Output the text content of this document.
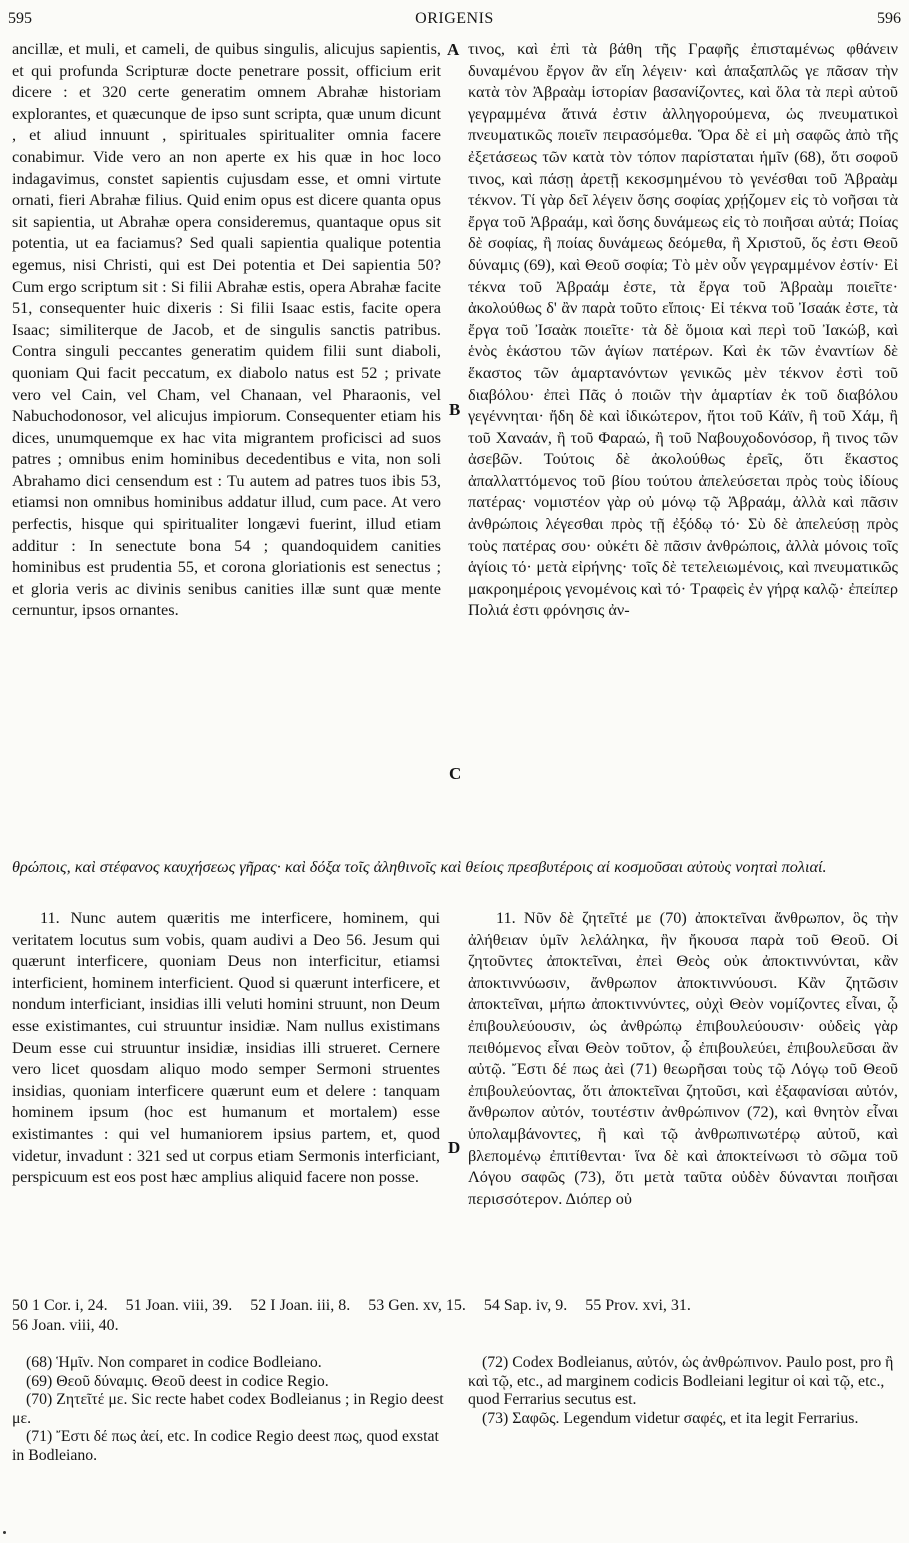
595	ORIGENIS	596

ancillæ, et muli, et cameli, de quibus singulis, alicujus sapientis, et qui profunda Scripturæ docte penetrare possit, officium erit dicere : et 320 certe generatim omnem Abrahæ historiam explorantes, et quæcunque de ipso sunt scripta, quæ unum dicunt , et aliud innuunt , spirituales spiritualiter omnia facere conabimur. Vide vero an non aperte ex his quæ in hoc loco indagavimus, constet sapientis cujusdam esse, et omni virtute ornati, fieri Abrahæ filius. Quid enim opus est dicere quanta opus sit sapientia, ut Abrahæ opera consideremus, quantaque opus sit potentia, ut ea faciamus? Sed quali sapientia qualique potentia egemus, nisi Christi, qui est Dei potentia et Dei sapientia 50? Cum ergo scriptum sit : Si filii Abrahæ estis, opera Abrahæ facite 51, consequenter huic dixeris : Si filii Isaac estis, facite opera Isaac; similiterque de Jacob, et de singulis sanctis patribus. Contra singuli peccantes generatim quidem filii sunt diaboli, quoniam Qui facit peccatum, ex diabolo natus est 52 ; private vero vel Cain, vel Cham, vel Chanaan, vel Pharaonis, vel Nabuchodonosor, vel alicujus impiorum. Consequenter etiam his dices, unumquemque ex hac vita migrantem proficisci ad suos patres ; omnibus enim hominibus decedentibus e vita, non soli Abrahamo dici censendum est : Tu autem ad patres tuos ibis 53, etiamsi non omnibus hominibus addatur illud, cum pace. At vero perfectis, hisque qui spiritualiter longævi fuerint, illud etiam additur : In senectute bona 54 ; quandoquidem canities hominibus est prudentia 55, et corona gloriationis est senectus ; et gloria veris ac divinis senibus canities illæ sunt quæ mente cernuntur, ipsos ornantes.

A
B
C
D

τινος, καὶ ἐπὶ τὰ βάθη τῆς Γραφῆς ἐπισταμένως φθάνειν δυναμένου ἔργον ἂν εἴη λέγειν· καὶ ἁπαξαπλῶς γε πᾶσαν τὴν κατὰ τὸν Ἀβραὰμ ἱστορίαν βασανίζοντες, καὶ ὅλα τὰ περὶ αὐτοῦ γεγραμμένα ἅτινά ἐστιν ἀλληγορούμενα, ὡς πνευματικοὶ πνευματικῶς ποιεῖν πειρασόμεθα. Ὅρα δὲ εἰ μὴ σαφῶς ἀπὸ τῆς ἐξετάσεως τῶν κατὰ τὸν τόπον παρίσταται ἡμῖν (68), ὅτι σοφοῦ τινος, καὶ πάσῃ ἀρετῇ κεκοσμημένου τὸ γενέσθαι τοῦ Ἀβραὰμ τέκνον. Τί γὰρ δεῖ λέγειν ὅσης σοφίας χρῄζομεν εἰς τὸ νοῆσαι τὰ ἔργα τοῦ Ἀβραάμ, καὶ ὅσης δυνάμεως εἰς τὸ ποιῆσαι αὐτά; Ποίας δὲ σοφίας, ἢ ποίας δυνάμεως δεόμεθα, ἢ Χριστοῦ, ὅς ἐστι Θεοῦ δύναμις (69), καὶ Θεοῦ σοφία; Τὸ μὲν οὖν γεγραμμένον ἐστίν· Εἰ τέκνα τοῦ Ἀβραάμ ἐστε, τὰ ἔργα τοῦ Ἀβραὰμ ποιεῖτε· ἀκολούθως δ' ἂν παρὰ τοῦτο εἴποις· Εἰ τέκνα τοῦ Ἰσαάκ ἐστε, τὰ ἔργα τοῦ Ἰσαὰκ ποιεῖτε· τὰ δὲ ὅμοια καὶ περὶ τοῦ Ἰακώβ, καὶ ἑνὸς ἑκάστου τῶν ἁγίων πατέρων. Καὶ ἐκ τῶν ἐναντίων δὲ ἕκαστος τῶν ἁμαρτανόντων γενικῶς μὲν τέκνον ἐστὶ τοῦ διαβόλου· ἐπεὶ Πᾶς ὁ ποιῶν τὴν ἁμαρτίαν ἐκ τοῦ διαβόλου γεγέννηται· ἤδη δὲ καὶ ἰδικώτερον, ἤτοι τοῦ Κάϊν, ἢ τοῦ Χάμ, ἢ τοῦ Χαναάν, ἢ τοῦ Φαραώ, ἢ τοῦ Ναβουχοδονόσορ, ἢ τινος τῶν ἀσεβῶν. Τούτοις δὲ ἀκολούθως ἐρεῖς, ὅτι ἕκαστος ἀπαλλαττόμενος τοῦ βίου τούτου ἀπελεύσεται πρὸς τοὺς ἰδίους πατέρας· νομιστέον γὰρ οὐ μόνῳ τῷ Ἀβραάμ, ἀλλὰ καὶ πᾶσιν ἀνθρώποις λέγεσθαι πρὸς τῇ ἐξόδῳ τό· Σὺ δὲ ἀπελεύσῃ πρὸς τοὺς πατέρας σου· οὐκέτι δὲ πᾶσιν ἀνθρώποις, ἀλλὰ μόνοις τοῖς ἁγίοις τό· μετὰ εἰρήνης· τοῖς δὲ τετελειωμένοις, καὶ πνευματικῶς μακροημέροις γενομένοις καὶ τό· Τραφεὶς ἐν γήρᾳ καλῷ· ἐπείπερ Πολιά ἐστι φρόνησις ἀν-

θρώποις, καὶ στέφανος καυχήσεως γῆρας· καὶ δόξα τοῖς ἀληθινοῖς καὶ θείοις πρεσβυτέροις αἱ κοσμοῦσαι αὐτοὺς νοηταὶ πολιαί.

11. Nunc autem quæritis me interficere, hominem, qui veritatem locutus sum vobis, quam audivi a Deo 56. Jesum qui quærunt interficere, quoniam Deus non interficitur, etiamsi interficient, hominem interficient. Quod si quærunt interficere, et nondum interficiant, insidias illi veluti homini struunt, non Deum esse existimantes, cui struuntur insidiæ. Nam nullus existimans Deum esse cui struuntur insidiæ, insidias illi strueret. Cernere vero licet quosdam aliquo modo semper Sermoni struentes insidias, quoniam interficere quærunt eum et delere : tanquam hominem ipsum (hoc est humanum et mortalem) esse existimantes : qui vel humaniorem ipsius partem, et, quod videtur, invadunt : 321 sed ut corpus etiam Sermonis interficiant, perspicuum est eos post hæc amplius aliquid facere non posse.

11. Νῦν δὲ ζητεῖτέ με (70) ἀποκτεῖναι ἄνθρωπον, ὃς τὴν ἀλήθειαν ὑμῖν λελάληκα, ἣν ἤκουσα παρὰ τοῦ Θεοῦ. Οἱ ζητοῦντες ἀποκτεῖναι, ἐπεὶ Θεὸς οὐκ ἀποκτιννύνται, κἂν ἀποκτιννύωσιν, ἄνθρωπον ἀποκτιννύουσι. Κἂν ζητῶσιν ἀποκτεῖναι, μήπω ἀποκτιννύντες, οὐχὶ Θεὸν νομίζοντες εἶναι, ᾧ ἐπιβουλεύουσιν, ὡς ἀνθρώπῳ ἐπιβουλεύουσιν· οὐδεὶς γὰρ πειθόμενος εἶναι Θεὸν τοῦτον, ᾧ ἐπιβουλεύει, ἐπιβουλεῦσαι ἂν αὐτῷ. Ἔστι δέ πως ἀεὶ (71) θεωρῆσαι τοὺς τῷ Λόγῳ τοῦ Θεοῦ ἐπιβουλεύοντας, ὅτι ἀποκτεῖναι ζητοῦσι, καὶ ἐξαφανίσαι αὐτόν, ἄνθρωπον αὐτόν, τουτέστιν ἀνθρώπινον (72), καὶ θνητὸν εἶναι ὑπολαμβάνοντες, ἢ καὶ τῷ ἀνθρωπινωτέρῳ αὐτοῦ, καὶ βλεπομένῳ ἐπιτίθενται· ἵνα δὲ καὶ ἀποκτείνωσι τὸ σῶμα τοῦ Λόγου σαφῶς (73), ὅτι μετὰ ταῦτα οὐδὲν δύνανται ποιῆσαι περισσότερον. Διόπερ οὐ

50 1 Cor. i, 24. 51 Joan. viii, 39. 52 I Joan. iii, 8. 53 Gen. xv, 15. 54 Sap. iv, 9. 55 Prov. xvi, 31.
56 Joan. viii, 40.

(68) Ἡμῖν. Non comparet in codice Bodleiano.

(69) Θεοῦ δύναμις. Θεοῦ deest in codice Regio.

(70) Ζητεῖτέ με. Sic recte habet codex Bodleianus ; in Regio deest με.

(71) Ἔστι δέ πως ἀεί, etc. In codice Regio deest πως, quod exstat in Bodleiano.

(72) Codex Bodleianus, αὐτόν, ὡς ἀνθρώπινον. Paulo post, pro ἢ καὶ τῷ, etc., ad marginem codicis Bodleiani legitur οἱ καὶ τῷ, etc., quod Ferrarius secutus est.

(73) Σαφῶς. Legendum videtur σαφές, et ita legit Ferrarius.
